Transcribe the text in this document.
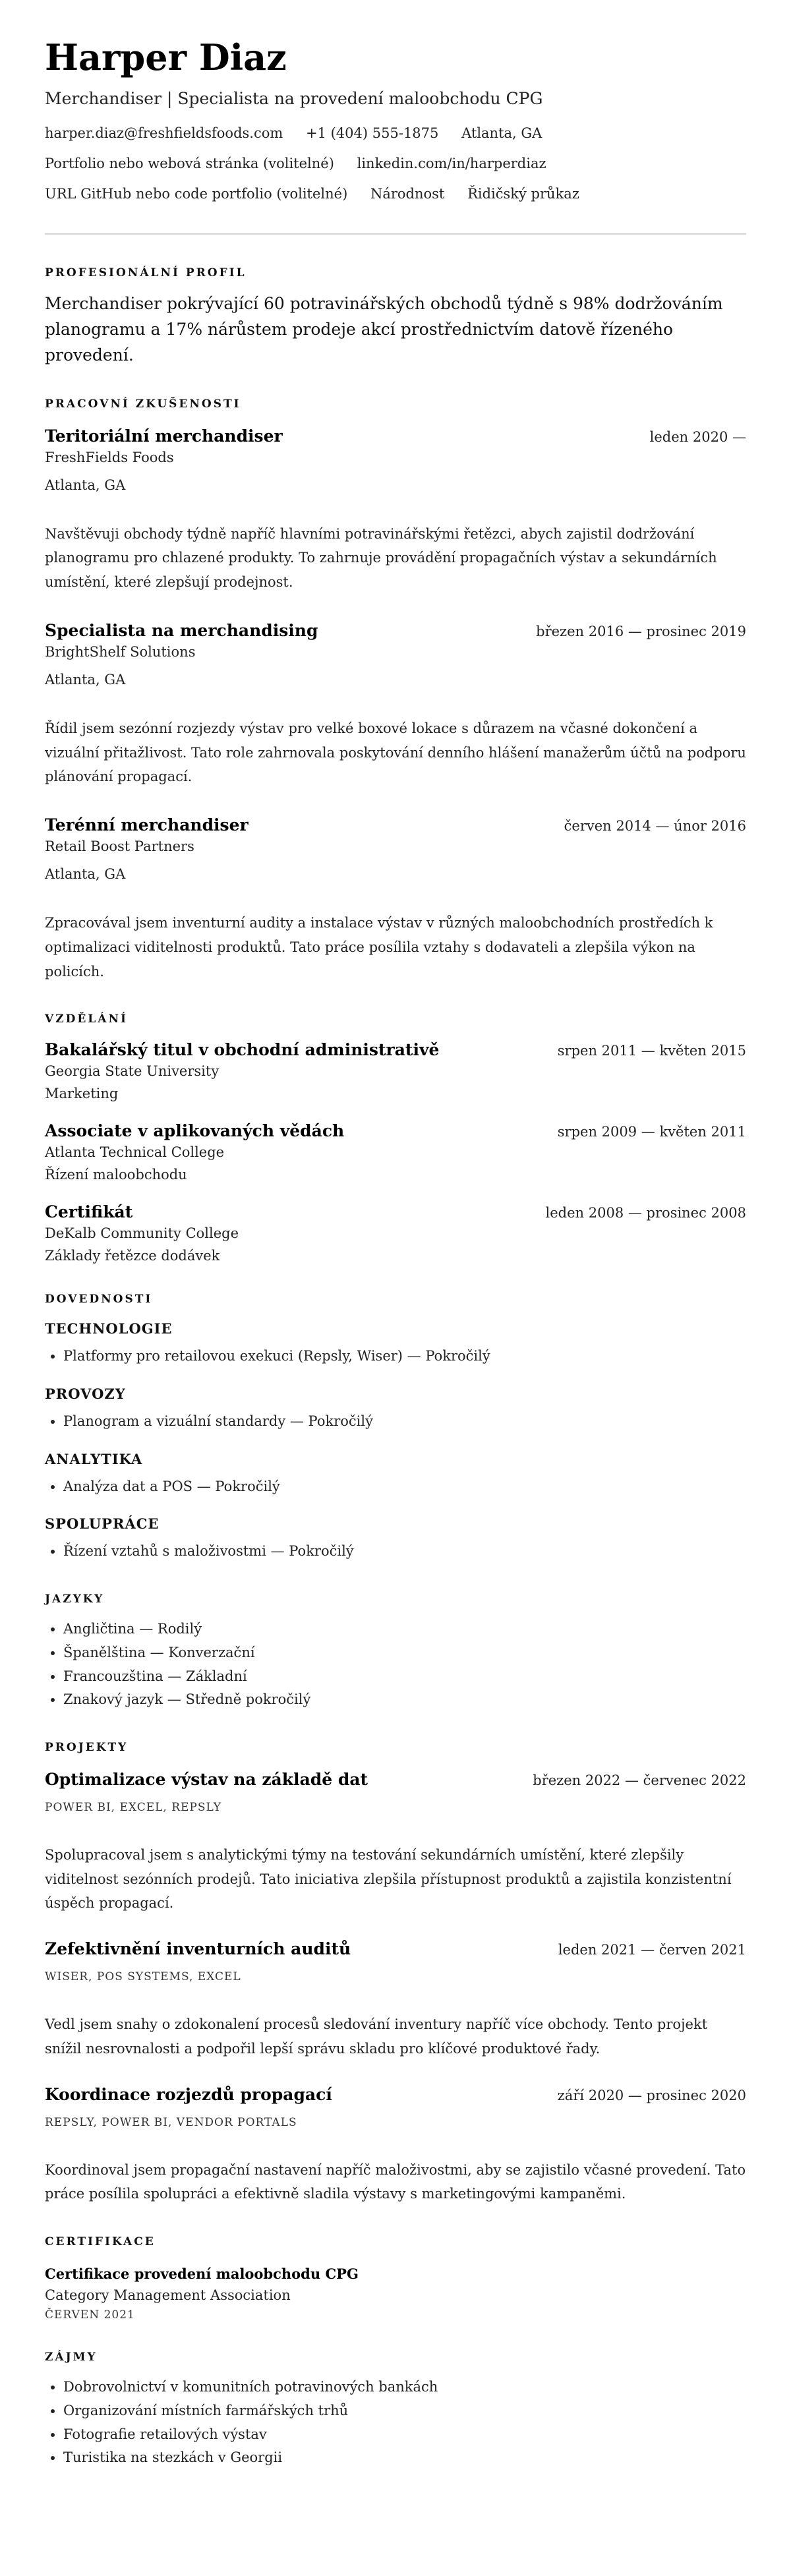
Harper Diaz
Merchandiser | Specialista na provedení maloobchodu CPG
harper.diaz@freshfieldsfoods.com +1 (404) 555-1875 Atlanta, GA
Portfolio nebo webová stránka (volitelné) linkedin.com/in/harperdiaz
URL GitHub nebo code portfolio (volitelné) Národnost Řidičský průkaz
PROFESIONÁLNÍ PROFIL
Merchandiser pokrývající 60 potravinářských obchodů týdně s 98% dodržováním planogramu a 17% nárůstem prodeje akcí prostřednictvím datově řízeného provedení.
PRACOVNÍ ZKUŠENOSTI
Teritoriální merchandiser	leden 2020 —
FreshFields Foods
Atlanta, GA
Navštěvuji obchody týdně napříč hlavními potravinářskými řetězci, abych zajistil dodržování planogramu pro chlazené produkty. To zahrnuje provádění propagačních výstav a sekundárních umístění, které zlepšují prodejnost.
Specialista na merchandising	březen 2016 — prosinec 2019
BrightShelf Solutions
Atlanta, GA
Řídil jsem sezónní rozjezdy výstav pro velké boxové lokace s důrazem na včasné dokončení a vizuální přitažlivost. Tato role zahrnovala poskytování denního hlášení manažerům účtů na podporu plánování propagací.
Terénní merchandiser	červen 2014 — únor 2016
Retail Boost Partners
Atlanta, GA
Zpracovával jsem inventurní audity a instalace výstav v různých maloobchodních prostředích k optimalizaci viditelnosti produktů. Tato práce posílila vztahy s dodavateli a zlepšila výkon na policích.
VZDĚLÁNÍ
Bakalářský titul v obchodní administrativě	srpen 2011 — květen 2015
Georgia State University
Marketing
Associate v aplikovaných vědách	srpen 2009 — květen 2011
Atlanta Technical College
Řízení maloobchodu
Certifikát	leden 2008 — prosinec 2008
DeKalb Community College
Základy řetězce dodávek
DOVEDNOSTI
TECHNOLOGIE
• Platformy pro retailovou exekuci (Repsly, Wiser) — Pokročilý
PROVOZY
• Planogram a vizuální standardy — Pokročilý
ANALYTIKA
• Analýza dat a POS — Pokročilý
SPOLUPRÁCE
• Řízení vztahů s maloživostmi — Pokročilý
JAZYKY
• Angličtina — Rodilý
• Španělština — Konverzační
• Francouzština — Základní
• Znakový jazyk — Středně pokročilý
PROJEKTY
Optimalizace výstav na základě dat	březen 2022 — červenec 2022
POWER BI, EXCEL, REPSLY
Spolupracoval jsem s analytickými týmy na testování sekundárních umístění, které zlepšily viditelnost sezónních prodejů. Tato iniciativa zlepšila přístupnost produktů a zajistila konzistentní úspěch propagací.
Zefektivnění inventurních auditů	leden 2021 — červen 2021
WISER, POS SYSTEMS, EXCEL
Vedl jsem snahy o zdokonalení procesů sledování inventury napříč více obchody. Tento projekt snížil nesrovnalosti a podpořil lepší správu skladu pro klíčové produktové řady.
Koordinace rozjezdů propagací	září 2020 — prosinec 2020
REPSLY, POWER BI, VENDOR PORTALS
Koordinoval jsem propagační nastavení napříč maloživostmi, aby se zajistilo včasné provedení. Tato práce posílila spolupráci a efektivně sladila výstavy s marketingovými kampaněmi.
CERTIFIKACE
Certifikace provedení maloobchodu CPG
Category Management Association
ČERVEN 2021
ZÁJMY
• Dobrovolnictví v komunitních potravinových bankách
• Organizování místních farmářských trhů
• Fotografie retailových výstav
• Turistika na stezkách v Georgii
